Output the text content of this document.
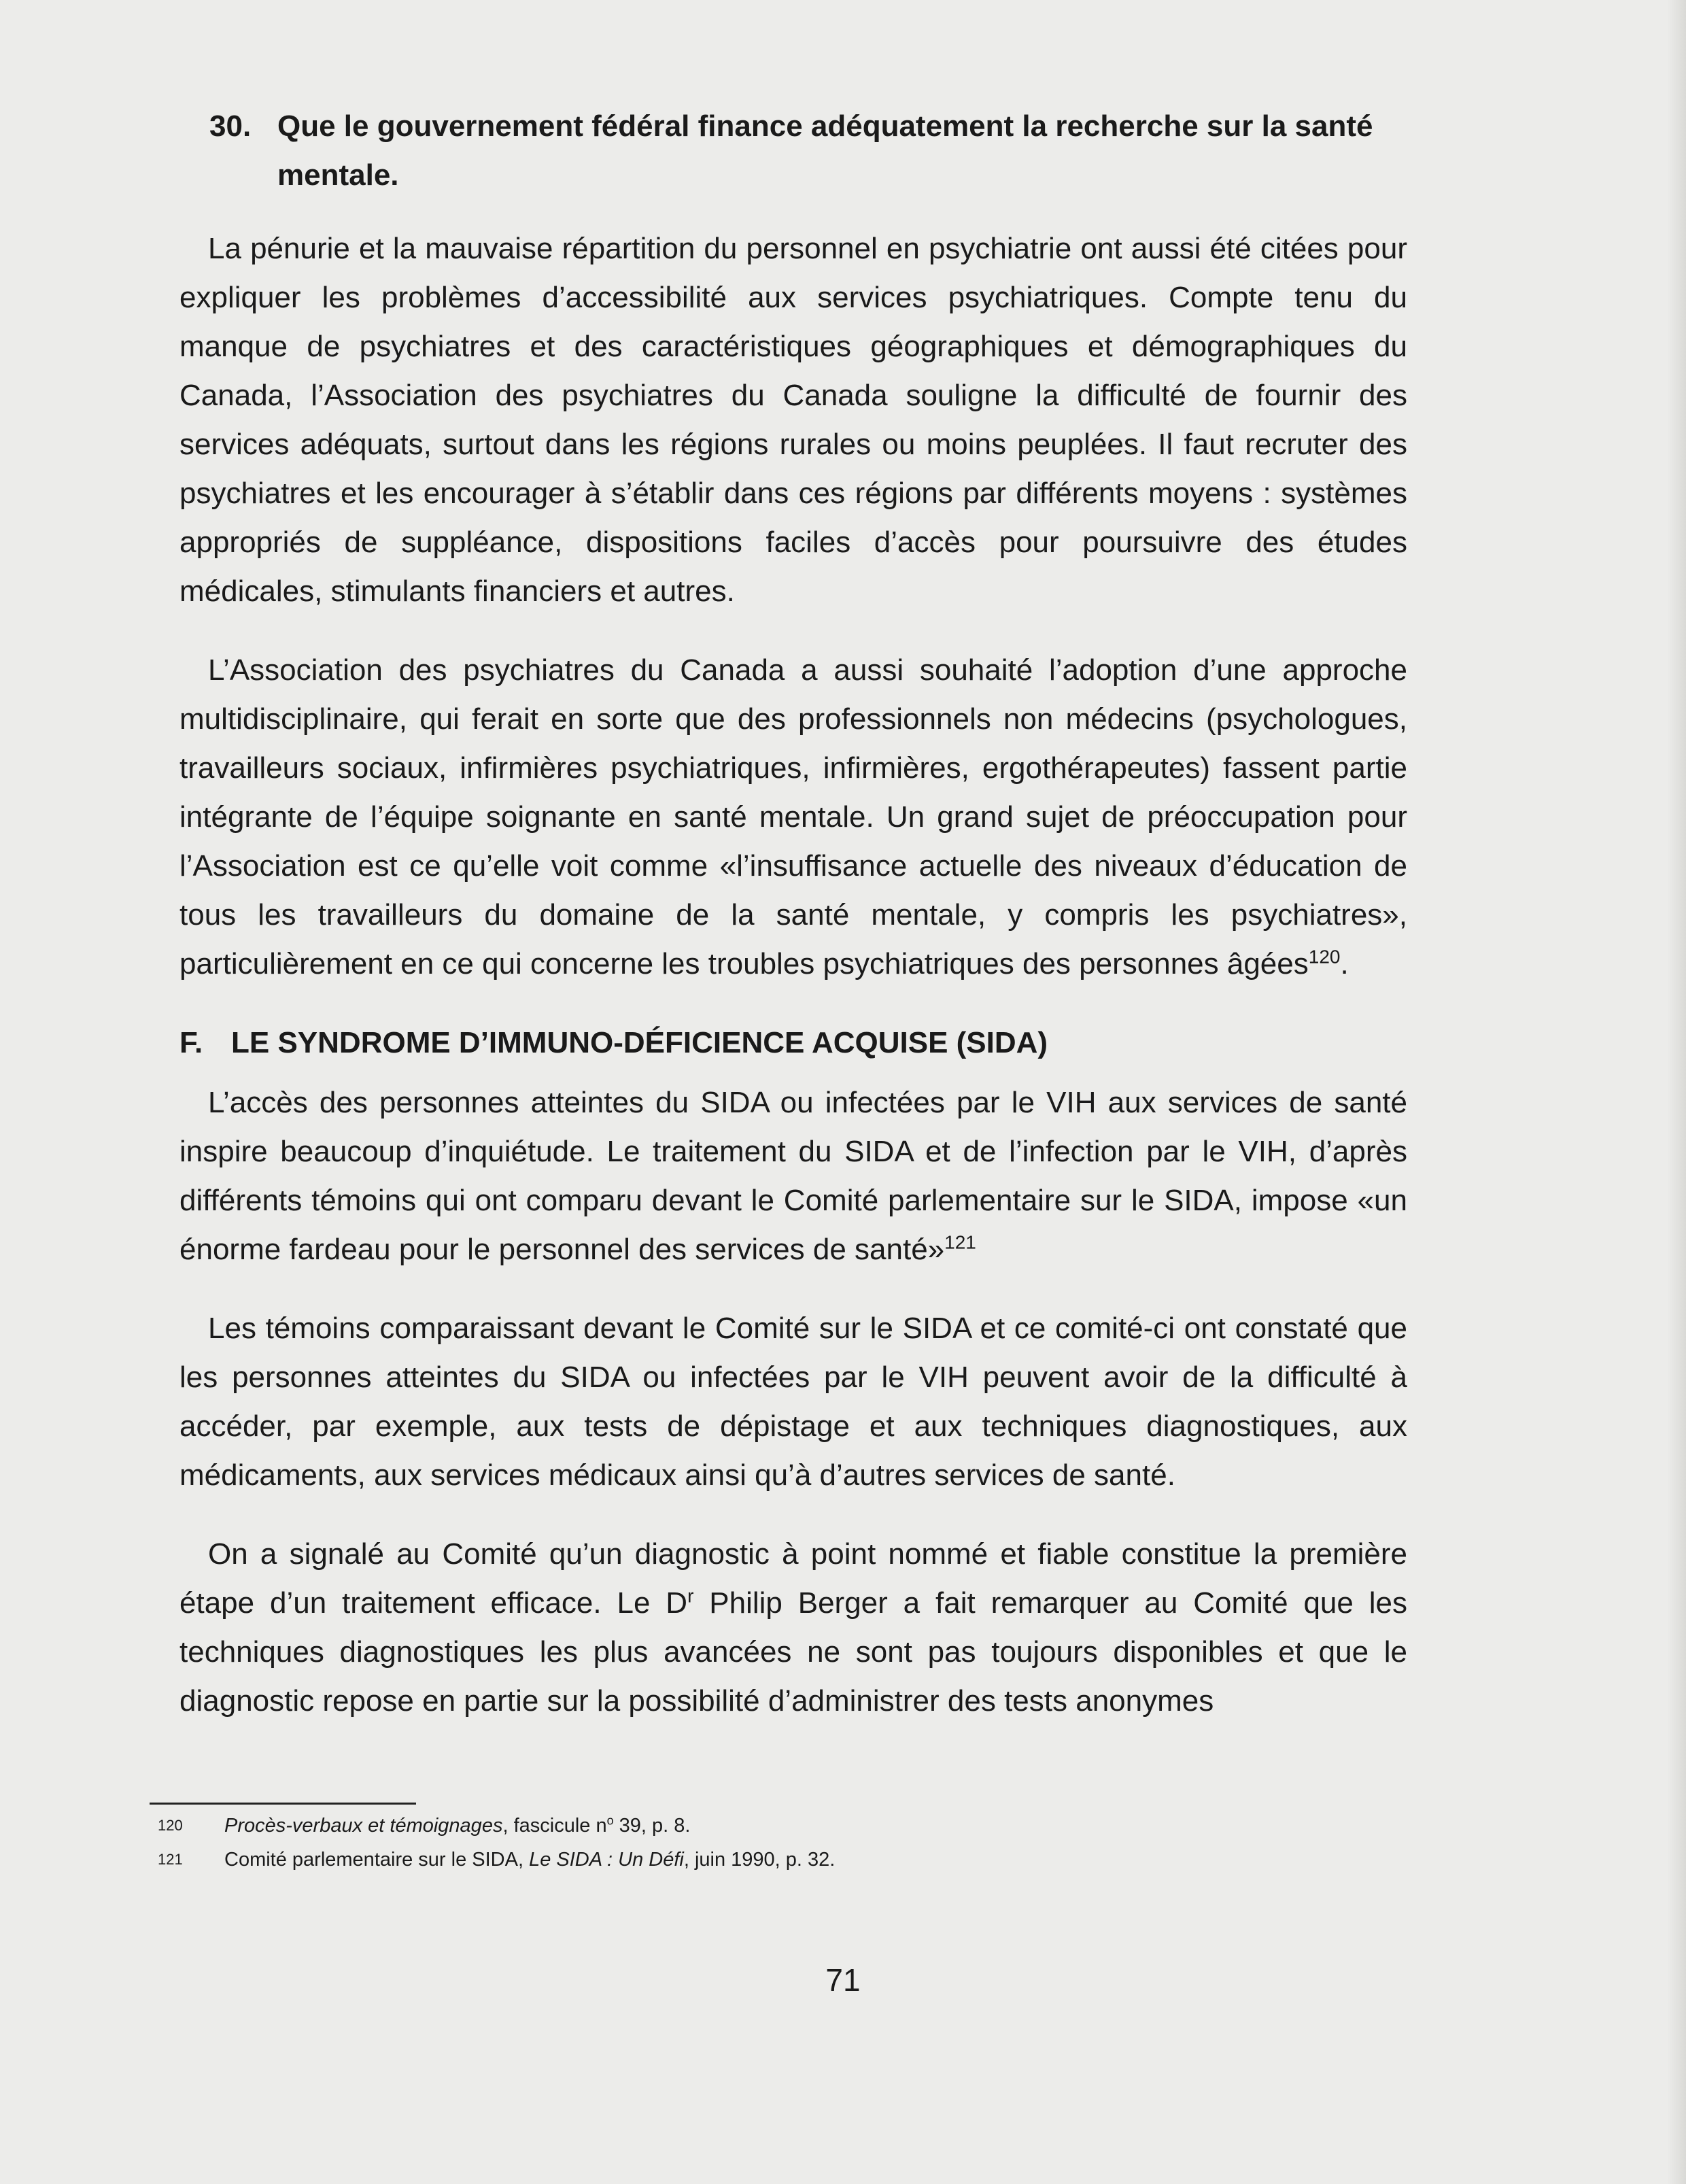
30. Que le gouvernement fédéral finance adéquatement la recherche sur la santé mentale.

La pénurie et la mauvaise répartition du personnel en psychiatrie ont aussi été citées pour expliquer les problèmes d’accessibilité aux services psychiatriques. Compte tenu du manque de psychiatres et des caractéristiques géographiques et démographiques du Canada, l’Association des psychiatres du Canada souligne la difficulté de fournir des services adéquats, surtout dans les régions rurales ou moins peuplées. Il faut recruter des psychiatres et les encourager à s’établir dans ces régions par différents moyens : systèmes appropriés de suppléance, dispositions faciles d’accès pour poursuivre des études médicales, stimulants financiers et autres.

L’Association des psychiatres du Canada a aussi souhaité l’adoption d’une approche multidisciplinaire, qui ferait en sorte que des professionnels non médecins (psychologues, travailleurs sociaux, infirmières psychiatriques, infirmières, ergothérapeutes) fassent partie intégrante de l’équipe soignante en santé mentale. Un grand sujet de préoccupation pour l’Association est ce qu’elle voit comme «l’insuffisance actuelle des niveaux d’éducation de tous les travailleurs du domaine de la santé mentale, y compris les psychiatres», particulièrement en ce qui concerne les troubles psychiatriques des personnes âgées$^{120}$.

F. LE SYNDROME D’IMMUNO-DÉFICIENCE ACQUISE (SIDA)

L’accès des personnes atteintes du SIDA ou infectées par le VIH aux services de santé inspire beaucoup d’inquiétude. Le traitement du SIDA et de l’infection par le VIH, d’après différents témoins qui ont comparu devant le Comité parlementaire sur le SIDA, impose «un énorme fardeau pour le personnel des services de santé»$^{121}$

Les témoins comparaissant devant le Comité sur le SIDA et ce comité-ci ont constaté que les personnes atteintes du SIDA ou infectées par le VIH peuvent avoir de la difficulté à accéder, par exemple, aux tests de dépistage et aux techniques diagnostiques, aux médicaments, aux services médicaux ainsi qu’à d’autres services de santé.

On a signalé au Comité qu’un diagnostic à point nommé et fiable constitue la première étape d’un traitement efficace. Le $D^r$ Philip Berger a fait remarquer au Comité que les techniques diagnostiques les plus avancées ne sont pas toujours disponibles et que le diagnostic repose en partie sur la possibilité d’administrer des tests anonymes

120	Procès-verbaux et témoignages, fascicule $n^o$ 39, p. 8.
121	Comité parlementaire sur le SIDA, Le SIDA : Un Défi, juin 1990, p. 32.
71
